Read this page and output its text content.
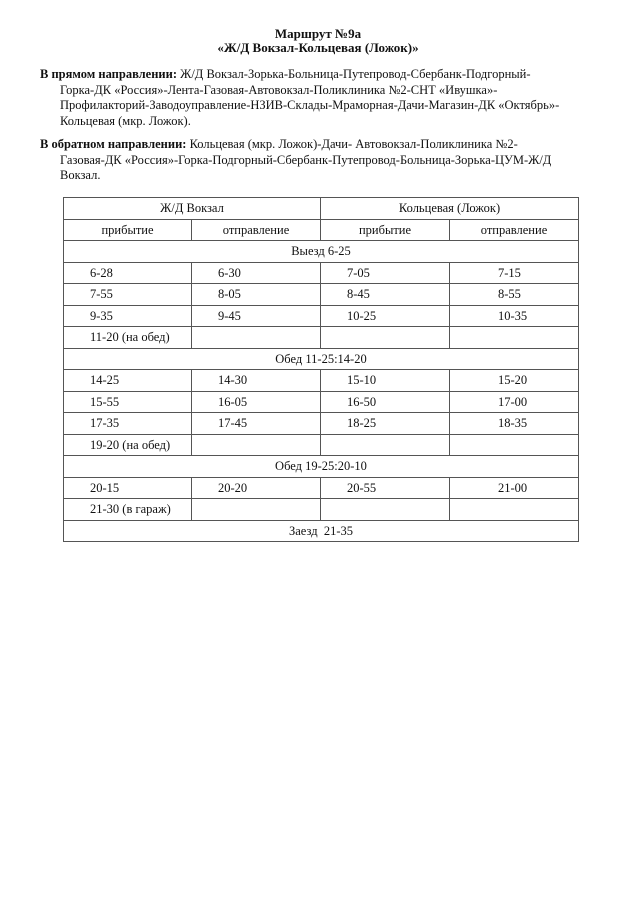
Маршрут №9а
«Ж/Д Вокзал-Кольцевая (Ложок)»
В прямом направлении: Ж/Д Вокзал-Зорька-Больница-Путепровод-Сбербанк-Подгорный-
Горка-ДК «Россия»-Лента-Газовая-Автовокзал-Поликлиника №2-СНТ «Ивушка»-
Профилакторий-Заводоуправление-НЗИВ-Склады-Мраморная-Дачи-Магазин-ДК «Октябрь»-
Кольцевая (мкр. Ложок).
В обратном направлении: Кольцевая (мкр. Ложок)-Дачи- Автовокзал-Поликлиника №2-
Газовая-ДК «Россия»-Горка-Подгорный-Сбербанк-Путепровод-Больница-Зорька-ЦУМ-Ж/Д
Вокзал.
Ж/Д Вокзал		Кольцевая (Ложок)	
прибытие	отправление	прибытие	отправление
Выезд 6-25			
6-28	6-30	7-05	7-15
7-55	8-05	8-45	8-55
9-35	9-45	10-25	10-35
11-20 (на обед)			
Обед 11-25:14-20			
14-25	14-30	15-10	15-20
15-55	16-05	16-50	17-00
17-35	17-45	18-25	18-35
19-20 (на обед)			
Обед 19-25:20-10			
20-15	20-20	20-55	21-00
21-30 (в гараж)			
Заезд  21-35			
